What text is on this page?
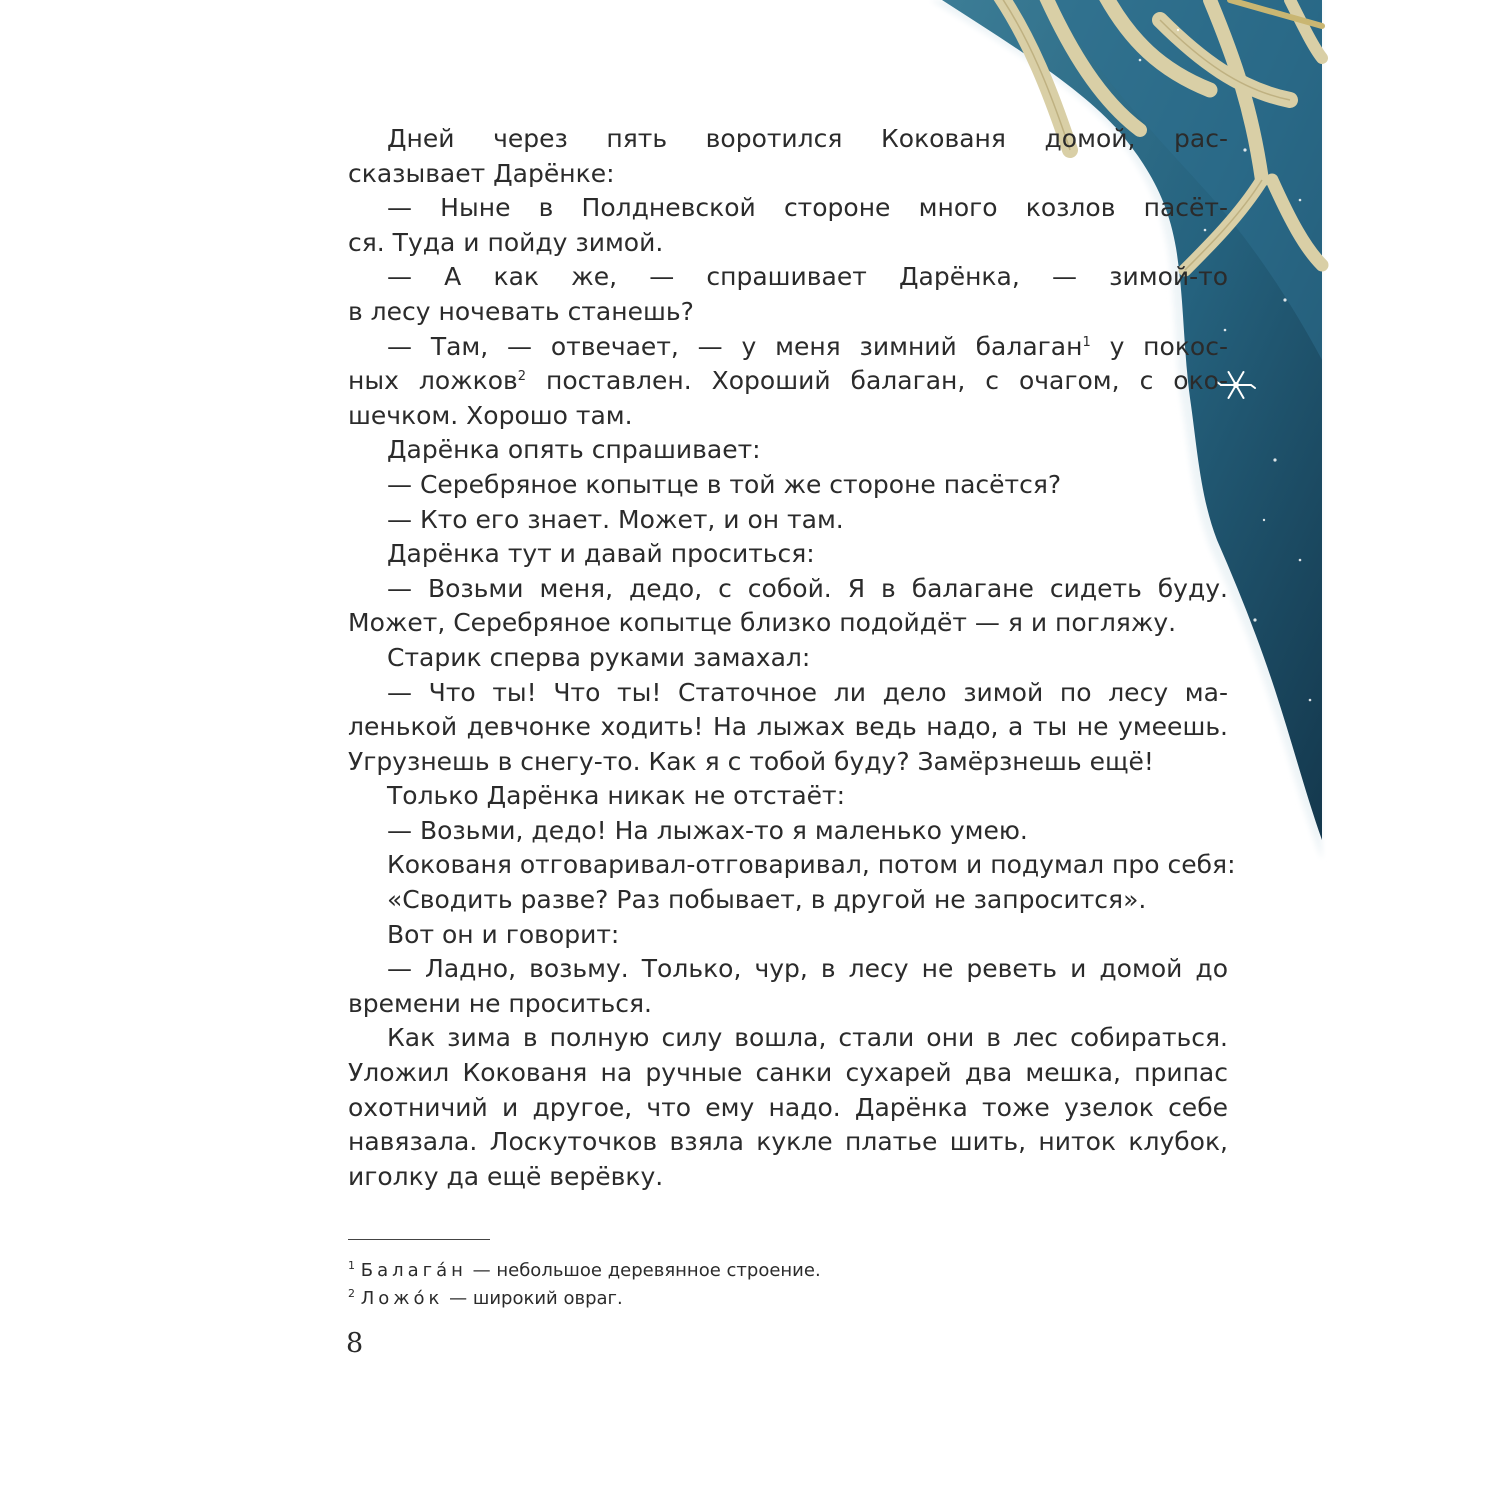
Дней через пять воротился Кокованя домой, рас-
сказывает Дарёнке:
— Ныне в Полдневской стороне много козлов пасёт-
ся. Туда и пойду зимой.
— А как же, — спрашивает Дарёнка, — зимой-то
в лесу ночевать станешь?
— Там, — отвечает, — у меня зимний балаган$^1$ у покос-
ных ложков$^2$ поставлен. Хороший балаган, с очагом, с око-
шечком. Хорошо там.
Дарёнка опять спрашивает:
— Серебряное копытце в той же стороне пасётся?
— Кто его знает. Может, и он там.
Дарёнка тут и давай проситься:
— Возьми меня, дедо, с собой. Я в балагане сидеть буду.
Может, Серебряное копытце близко подойдёт — я и погляжу.
Старик сперва руками замахал:
— Что ты! Что ты! Статочное ли дело зимой по лесу ма-
ленькой девчонке ходить! На лыжах ведь надо, а ты не умеешь.
Угрузнешь в снегу-то. Как я с тобой буду? Замёрзнешь ещё!
Только Дарёнка никак не отстаёт:
— Возьми, дедо! На лыжах-то я маленько умею.
Кокованя отговаривал-отговаривал, потом и подумал про себя:
«Сводить разве? Раз побывает, в другой не запросится».
Вот он и говорит:
— Ладно, возьму. Только, чур, в лесу не реветь и домой до
времени не проситься.
Как зима в полную силу вошла, стали они в лес собираться.
Уложил Кокованя на ручные санки сухарей два мешка, припас
охотничий и другое, что ему надо. Дарёнка тоже узелок себе
навязала. Лоскуточков взяла кукле платье шить, ниток клубок,
иголку да ещё верёвку.
$^1$ Балага́н — небольшое деревянное строение.
$^2$ Ложо́к — широкий овраг.
8
